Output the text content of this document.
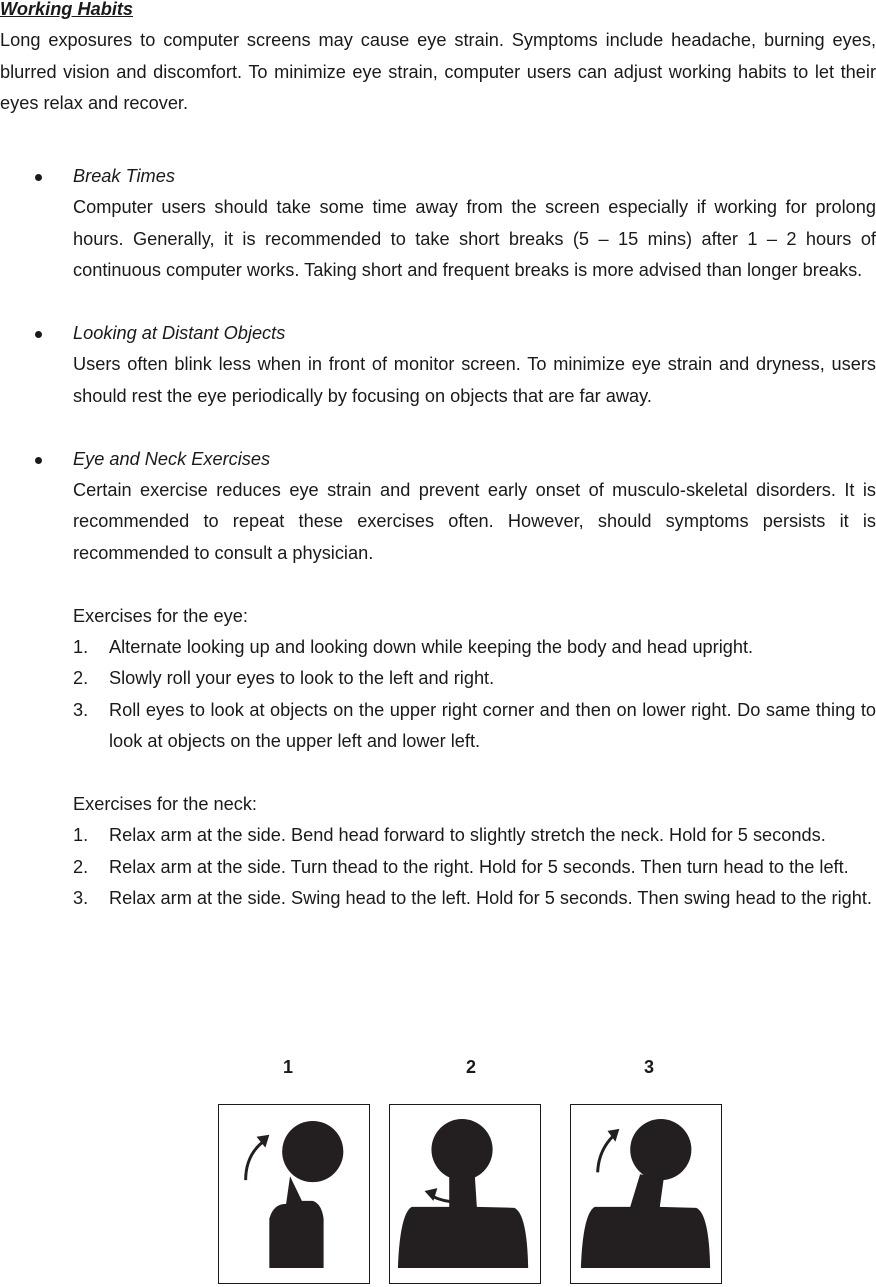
Working Habits

Long exposures to computer screens may cause eye strain. Symptoms include headache, burning eyes, blurred vision and discomfort. To minimize eye strain, computer users can adjust working habits to let their eyes relax and recover.

Break Times

Computer users should take some time away from the screen especially if working for prolong hours. Generally, it is recommended to take short breaks (5 – 15 mins) after 1 – 2 hours of continuous computer works. Taking short and frequent breaks is more advised than longer breaks.

Looking at Distant Objects

Users often blink less when in front of monitor screen. To minimize eye strain and dryness, users should rest the eye periodically by focusing on objects that are far away.

Eye and Neck Exercises

Certain exercise reduces eye strain and prevent early onset of musculo-skeletal disorders. It is recommended to repeat these exercises often. However, should symptoms persists it is recommended to consult a physician.

Exercises for the eye:

1. Alternate looking up and looking down while keeping the body and head upright.
2. Slowly roll your eyes to look to the left and right.
3. Roll eyes to look at objects on the upper right corner and then on lower right. Do same thing to look at objects on the upper left and lower left.

Exercises for the neck:

1. Relax arm at the side. Bend head forward to slightly stretch the neck. Hold for 5 seconds.
2. Relax arm at the side. Turn thead to the right. Hold for 5 seconds. Then turn head to the left.
3. Relax arm at the side. Swing head to the left. Hold for 5 seconds. Then swing head to the right.
1	2	3
